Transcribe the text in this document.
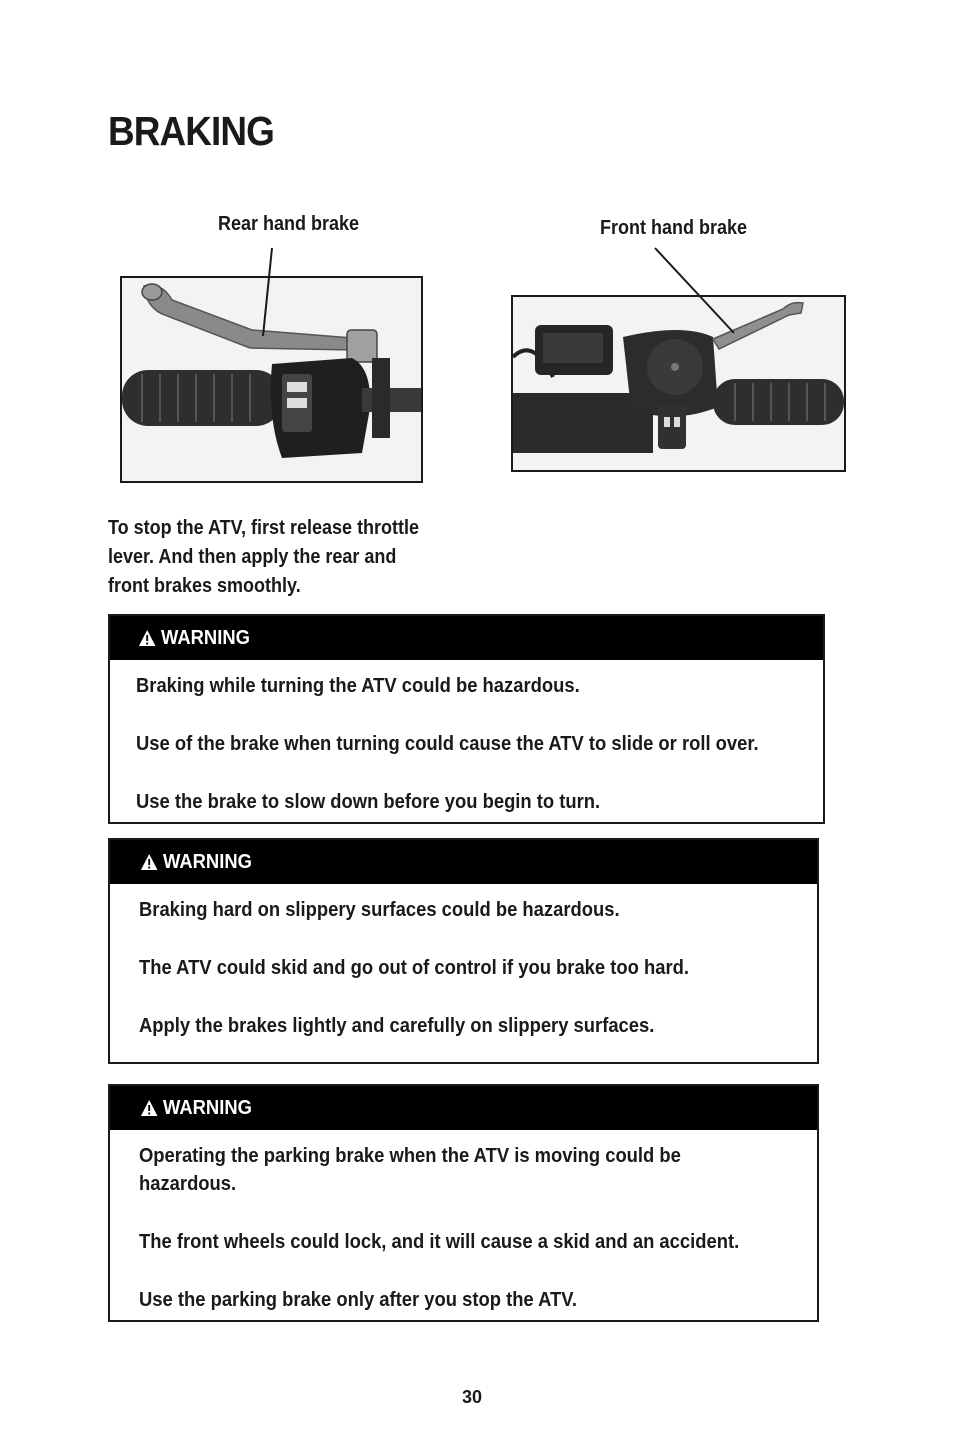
BRAKING
Rear hand brake	Front hand brake

To stop the ATV, first release throttle lever. And then apply the rear and front brakes smoothly.

WARNING

Braking while turning the ATV could be hazardous.

Use of the brake when turning could cause the ATV to slide or roll over.

Use the brake to slow down before you begin to turn.

WARNING

Braking hard on slippery surfaces could be hazardous.

The ATV could skid and go out of control if you brake too hard.

Apply the brakes lightly and carefully on slippery surfaces.

WARNING

Operating the parking brake when the ATV is moving could be hazardous.

The front wheels could lock, and it will cause a skid and an accident.

Use the parking brake only after you stop the ATV.

30
